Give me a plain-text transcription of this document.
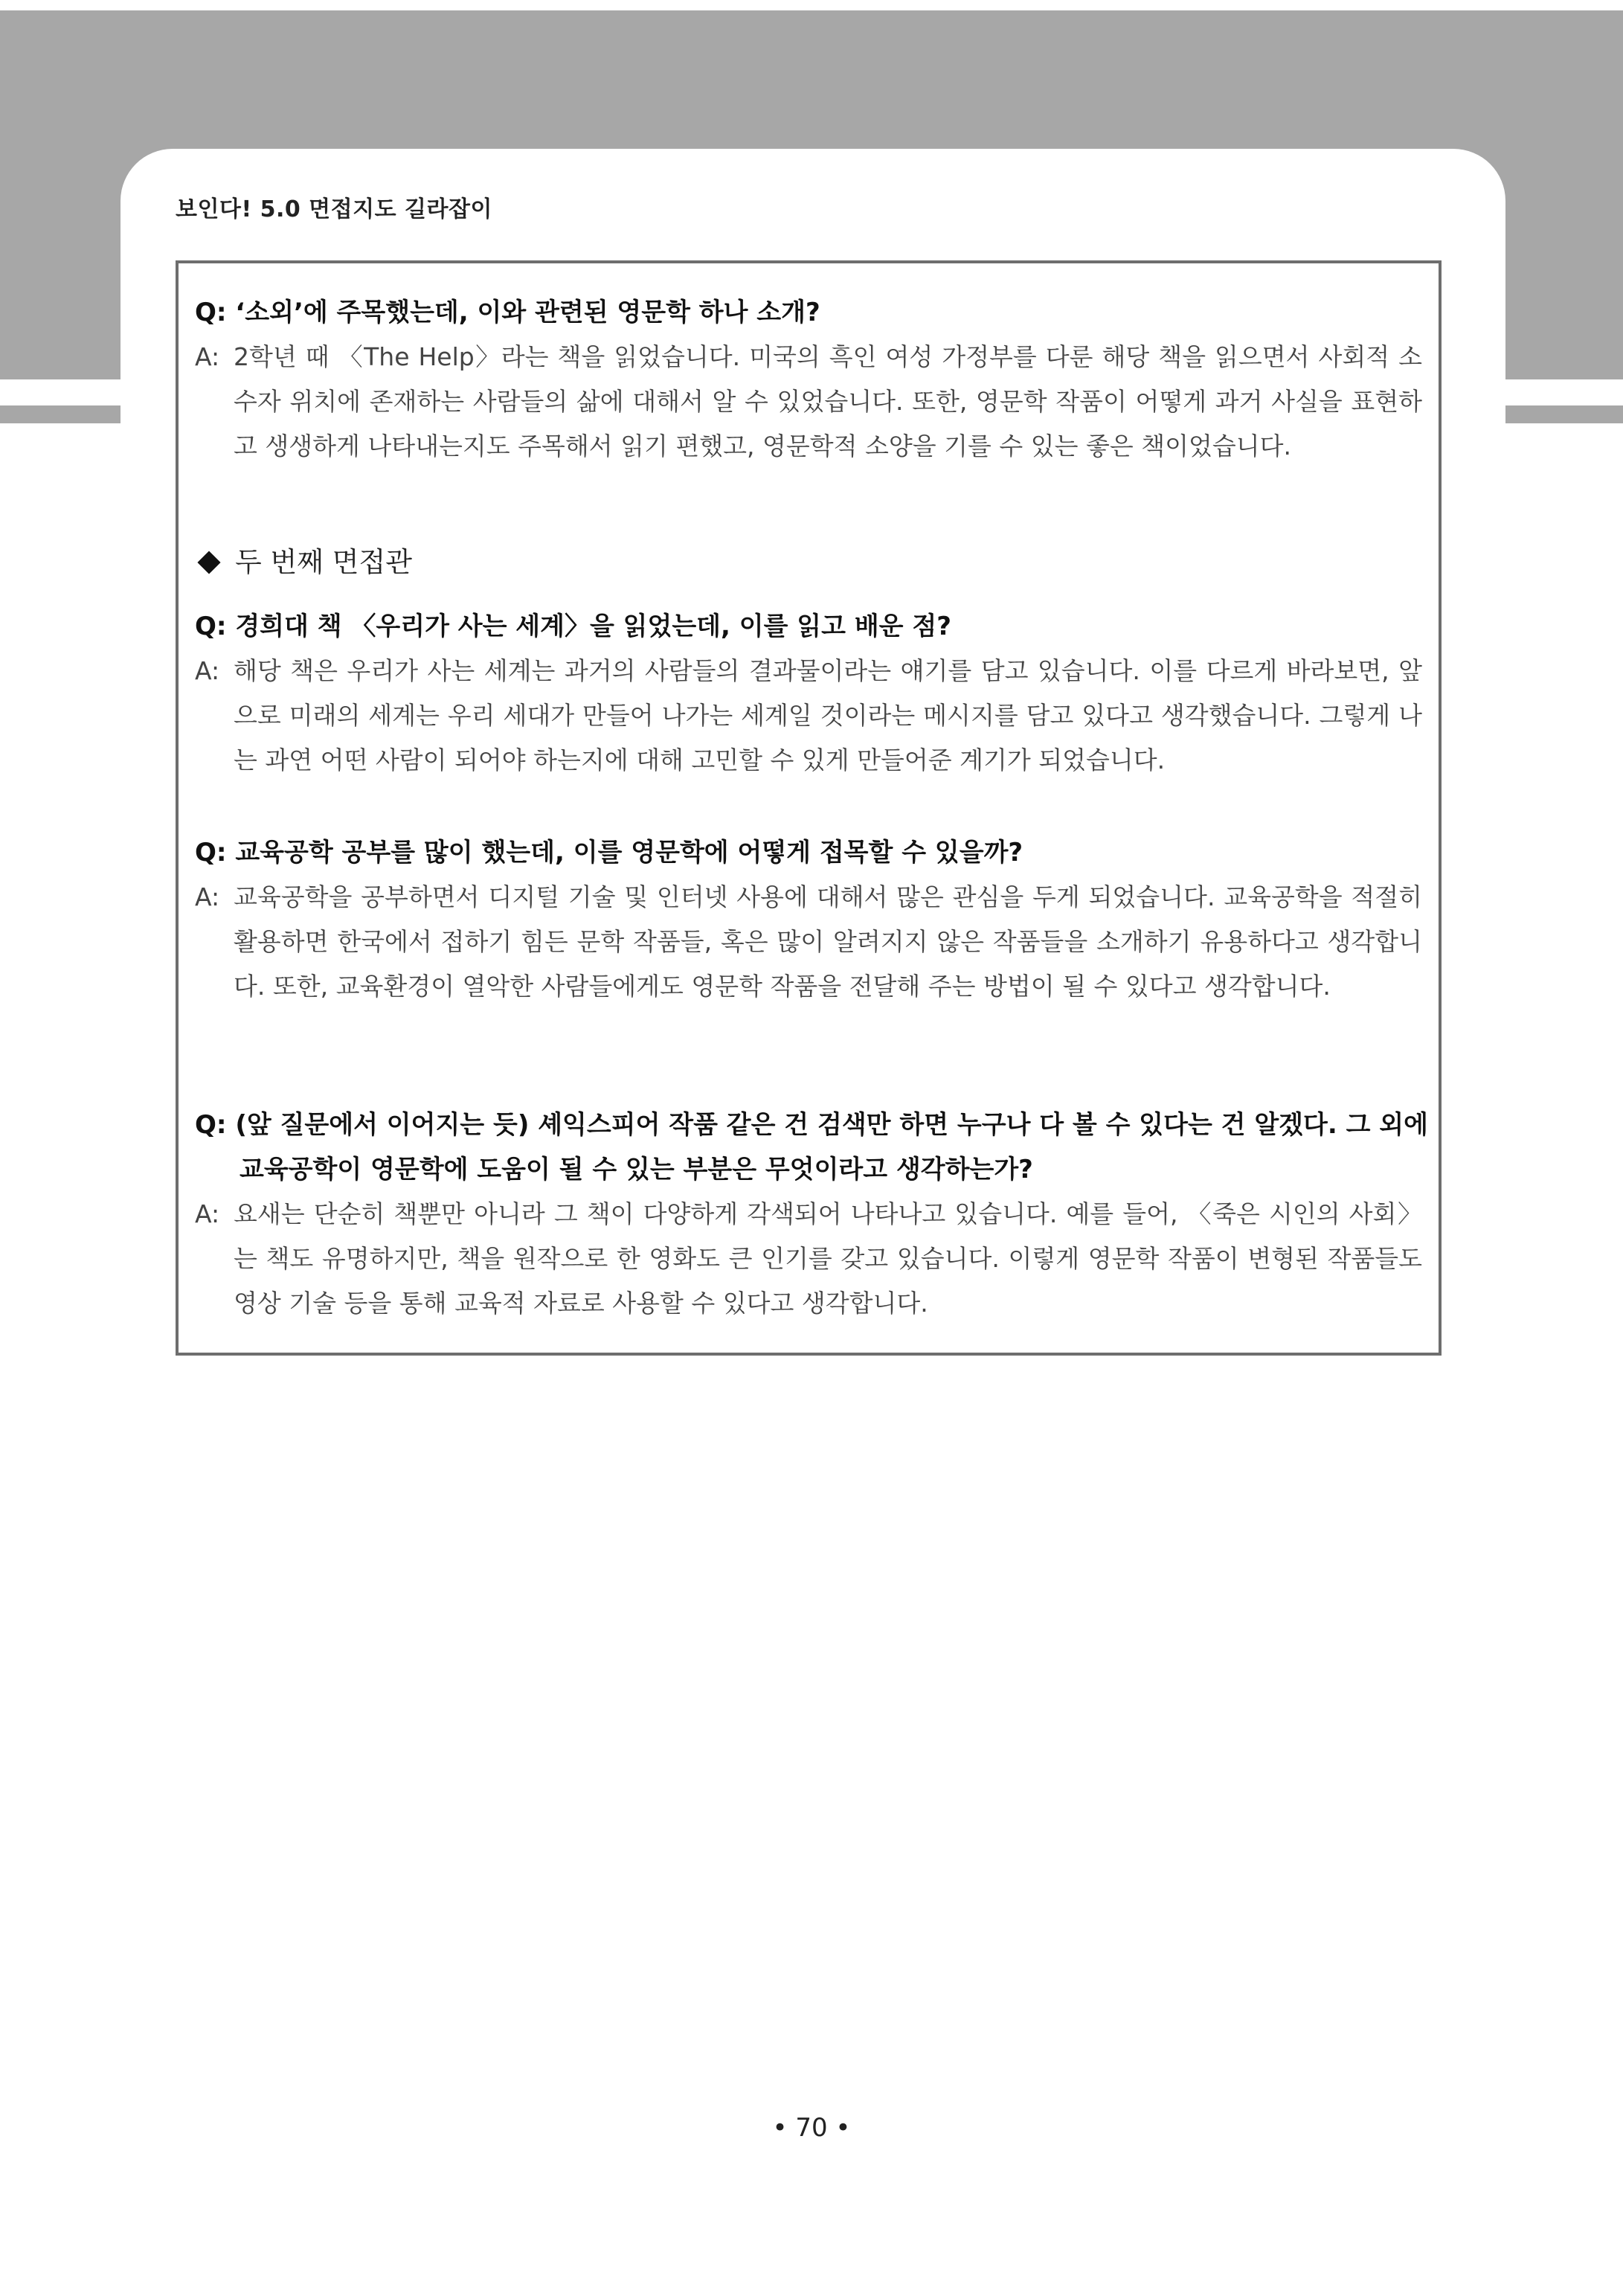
보인다! 5.0 면접지도 길라잡이
Q: ‘소외’에 주목했는데, 이와 관련된 영문학 하나 소개?
A: 2학년 때 〈The Help〉라는 책을 읽었습니다. 미국의 흑인 여성 가정부를 다룬 해당 책을 읽으면서 사회적 소수자 위치에 존재하는 사람들의 삶에 대해서 알 수 있었습니다. 또한, 영문학 작품이 어떻게 과거 사실을 표현하고 생생하게 나타내는지도 주목해서 읽기 편했고, 영문학적 소양을 기를 수 있는 좋은 책이었습니다.
두 번째 면접관
Q: 경희대 책 〈우리가 사는 세계〉을 읽었는데, 이를 읽고 배운 점?
A: 해당 책은 우리가 사는 세계는 과거의 사람들의 결과물이라는 얘기를 담고 있습니다. 이를 다르게 바라보면, 앞으로 미래의 세계는 우리 세대가 만들어 나가는 세계일 것이라는 메시지를 담고 있다고 생각했습니다. 그렇게 나는 과연 어떤 사람이 되어야 하는지에 대해 고민할 수 있게 만들어준 계기가 되었습니다.
Q: 교육공학 공부를 많이 했는데, 이를 영문학에 어떻게 접목할 수 있을까?
A: 교육공학을 공부하면서 디지털 기술 및 인터넷 사용에 대해서 많은 관심을 두게 되었습니다. 교육공학을 적절히 활용하면 한국에서 접하기 힘든 문학 작품들, 혹은 많이 알려지지 않은 작품들을 소개하기 유용하다고 생각합니다. 또한, 교육환경이 열악한 사람들에게도 영문학 작품을 전달해 주는 방법이 될 수 있다고 생각합니다.
Q: (앞 질문에서 이어지는 듯) 셰익스피어 작품 같은 건 검색만 하면 누구나 다 볼 수 있다는 건 알겠다. 그 외에
교육공학이 영문학에 도움이 될 수 있는 부분은 무엇이라고 생각하는가?
A: 요새는 단순히 책뿐만 아니라 그 책이 다양하게 각색되어 나타나고 있습니다. 예를 들어, 〈죽은 시인의 사회〉는 책도 유명하지만, 책을 원작으로 한 영화도 큰 인기를 갖고 있습니다. 이렇게 영문학 작품이 변형된 작품들도 영상 기술 등을 통해 교육적 자료로 사용할 수 있다고 생각합니다.
• 70 •
